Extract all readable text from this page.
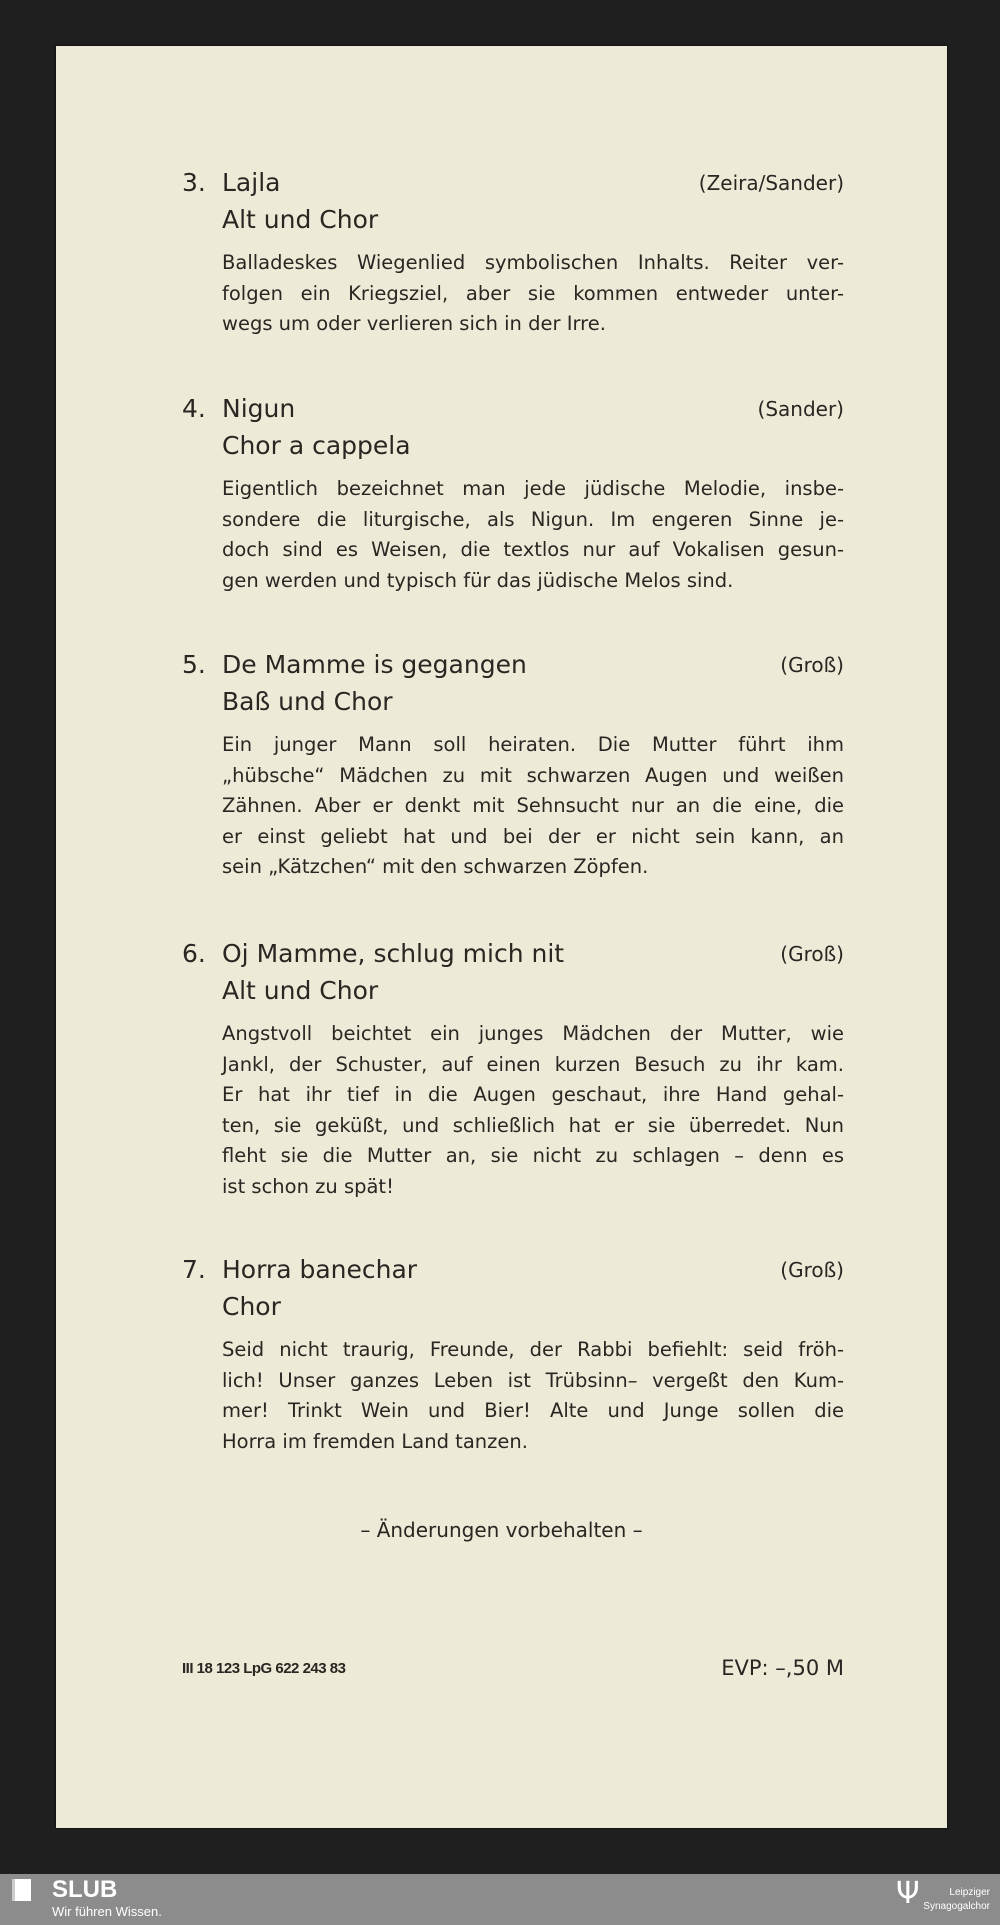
3. Lajla	(Zeira/Sander)
Alt und Chor
Balladeskes Wiegenlied symbolischen Inhalts. Reiter ver-
folgen ein Kriegsziel, aber sie kommen entweder unter-
wegs um oder verlieren sich in der Irre.
4. Nigun	(Sander)
Chor a cappela
Eigentlich bezeichnet man jede jüdische Melodie, insbe-
sondere die liturgische, als Nigun. Im engeren Sinne je-
doch sind es Weisen, die textlos nur auf Vokalisen gesun-
gen werden und typisch für das jüdische Melos sind.
5. De Mamme is gegangen	(Groß)
Baß und Chor
Ein junger Mann soll heiraten. Die Mutter führt ihm
„hübsche“ Mädchen zu mit schwarzen Augen und weißen
Zähnen. Aber er denkt mit Sehnsucht nur an die eine, die
er einst geliebt hat und bei der er nicht sein kann, an
sein „Kätzchen“ mit den schwarzen Zöpfen.
6. Oj Mamme, schlug mich nit	(Groß)
Alt und Chor
Angstvoll beichtet ein junges Mädchen der Mutter, wie
Jankl, der Schuster, auf einen kurzen Besuch zu ihr kam.
Er hat ihr tief in die Augen geschaut, ihre Hand gehal-
ten, sie geküßt, und schließlich hat er sie überredet. Nun
fleht sie die Mutter an, sie nicht zu schlagen – denn es
ist schon zu spät!
7. Horra banechar	(Groß)
Chor
Seid nicht traurig, Freunde, der Rabbi befiehlt: seid fröh-
lich! Unser ganzes Leben ist Trübsinn– vergeßt den Kum-
mer! Trinkt Wein und Bier! Alte und Junge sollen die
Horra im fremden Land tanzen.
– Änderungen vorbehalten –
III 18 123 LpG 622 243 83	EVP: –,50 M
SLUB
Wir führen Wissen.
Ψ	Leipziger
Synagogalchor
